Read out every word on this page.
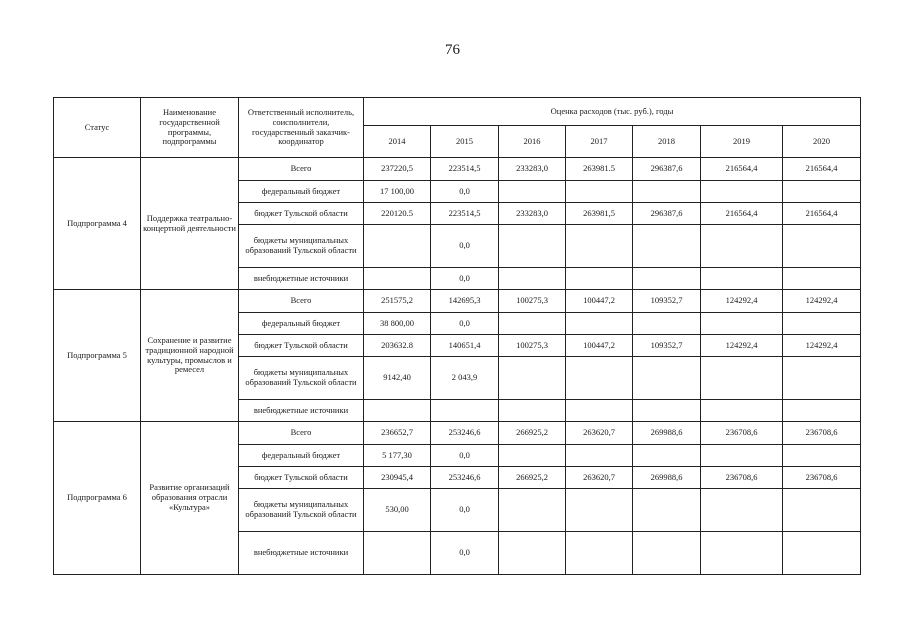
76
Статус	Наименование государственной программы, подпрограммы	Ответственный исполнитель, соисполнители, государственный заказчик-координатор	Оценка расходов (тыс. руб.), годы						
			2014	2015	2016	2017	2018	2019	2020
Подпрограмма 4	Поддержка театрально-концертной деятельности	Всего	237220,5	223514,5	233283,0	263981.5	296387,6	216564,4	216564,4
		федеральный бюджет	17 100,00	0,0					
		бюджет Тульской области	220120.5	223514,5	233283,0	263981,5	296387,6	216564,4	216564,4
		бюджеты муниципальных образований Тульской области		0,0					
		внебюджетные источники		0,0					
Подпрограмма 5	Сохранение и развитие традиционной народной культуры, промыслов и ремесел	Всего	251575,2	142695,3	100275,3	100447,2	109352,7	124292,4	124292,4
		федеральный бюджет	38 800,00	0,0					
		бюджет Тульской области	203632.8	140651,4	100275,3	100447,2	109352,7	124292,4	124292,4
		бюджеты муниципальных образований Тульской области	9142,40	2 043,9					
		внебюджетные источники							
Подпрограмма 6	Развитие организаций образования отрасли «Культура»	Всего	236652,7	253246,6	266925,2	263620,7	269988,6	236708,6	236708,6
		федеральный бюджет	5 177,30	0,0					
		бюджет Тульской области	230945,4	253246,6	266925,2	263620,7	269988,6	236708,6	236708,6
		бюджеты муниципальных образований Тульской области	530,00	0,0					
		внебюджетные источники		0,0					
